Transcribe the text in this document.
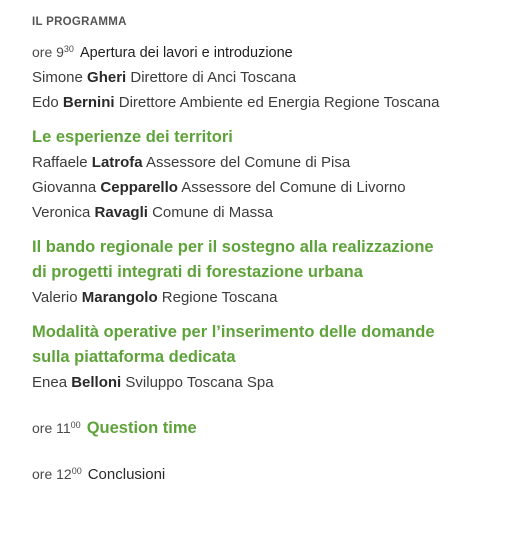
IL PROGRAMMA
ore $9^{30}$ Apertura dei lavori e introduzione
Simone Gheri Direttore di Anci Toscana
Edo Bernini Direttore Ambiente ed Energia Regione Toscana
Le esperienze dei territori
Raffaele Latrofa Assessore del Comune di Pisa
Giovanna Cepparello Assessore del Comune di Livorno
Veronica Ravagli Comune di Massa
Il bando regionale per il sostegno alla realizzazione
di progetti integrati di forestazione urbana
Valerio Marangolo Regione Toscana
Modalità operative per l’inserimento delle domande
sulla piattaforma dedicata
Enea Belloni Sviluppo Toscana Spa
ore $11^{00}$ Question time
ore $12^{00}$ Conclusioni
